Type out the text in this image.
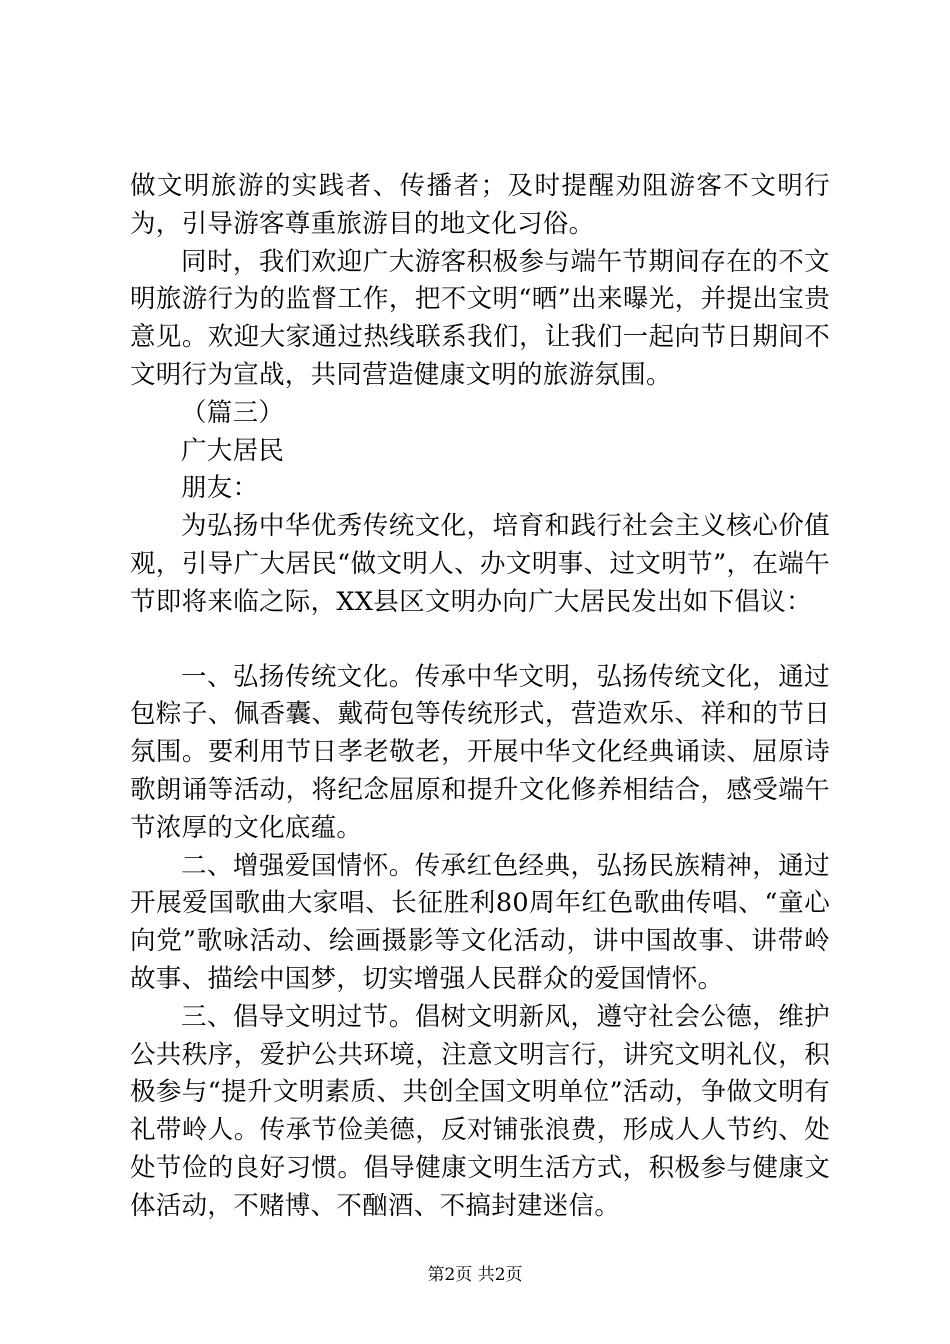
做文明旅游的实践者、传播者；及时提醒劝阻游客不文明行为，引导游客尊重旅游目的地文化习俗。

同时，我们欢迎广大游客积极参与端午节期间存在的不文明旅游行为的监督工作，把不文明“晒”出来曝光，并提出宝贵意见。欢迎大家通过热线联系我们，让我们一起向节日期间不文明行为宣战，共同营造健康文明的旅游氛围。

（篇三）

广大居民

朋友：

为弘扬中华优秀传统文化，培育和践行社会主义核心价值观，引导广大居民“做文明人、办文明事、过文明节”，在端午节即将来临之际，XX县区文明办向广大居民发出如下倡议：

一、弘扬传统文化。传承中华文明，弘扬传统文化，通过包粽子、佩香囊、戴荷包等传统形式，营造欢乐、祥和的节日氛围。要利用节日孝老敬老，开展中华文化经典诵读、屈原诗歌朗诵等活动，将纪念屈原和提升文化修养相结合，感受端午节浓厚的文化底蕴。

二、增强爱国情怀。传承红色经典，弘扬民族精神，通过开展爱国歌曲大家唱、长征胜利80周年红色歌曲传唱、“童心向党”歌咏活动、绘画摄影等文化活动，讲中国故事、讲带岭故事、描绘中国梦，切实增强人民群众的爱国情怀。

三、倡导文明过节。倡树文明新风，遵守社会公德，维护公共秩序，爱护公共环境，注意文明言行，讲究文明礼仪，积极参与“提升文明素质、共创全国文明单位”活动，争做文明有礼带岭人。传承节俭美德，反对铺张浪费，形成人人节约、处处节俭的良好习惯。倡导健康文明生活方式，积极参与健康文体活动，不赌博、不酗酒、不搞封建迷信。

第2页 共2页
